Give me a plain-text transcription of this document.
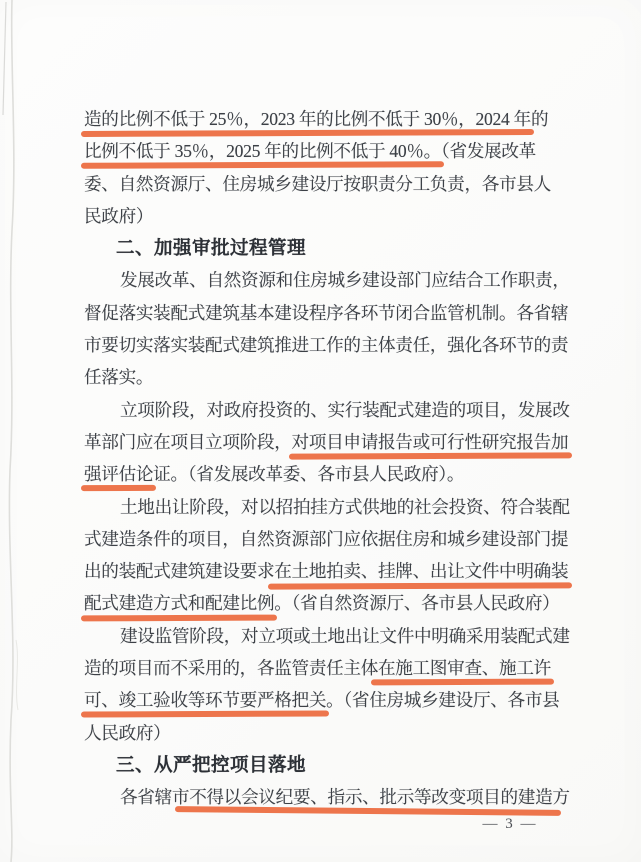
造的比例不低于 25％，2023 年的比例不低于 30％，2024 年的
比例不低于 35％，2025 年的比例不低于 40％。（省发展改革
委、自然资源厅、住房城乡建设厅按职责分工负责，各市县人
民政府）
二、加强审批过程管理
发展改革、自然资源和住房城乡建设部门应结合工作职责，
督促落实装配式建筑基本建设程序各环节闭合监管机制。各省辖
市要切实落实装配式建筑推进工作的主体责任，强化各环节的责
任落实。
立项阶段，对政府投资的、实行装配式建造的项目，发展改
革部门应在项目立项阶段，对项目申请报告或可行性研究报告加
强评估论证。（省发展改革委、各市县人民政府）。
土地出让阶段，对以招拍挂方式供地的社会投资、符合装配
式建造条件的项目，自然资源部门应依据住房和城乡建设部门提
出的装配式建筑建设要求在土地拍卖、挂牌、出让文件中明确装
配式建造方式和配建比例。（省自然资源厅、各市县人民政府）
建设监管阶段，对立项或土地出让文件中明确采用装配式建
造的项目而不采用的，各监管责任主体在施工图审查、施工许
可、竣工验收等环节要严格把关。（省住房城乡建设厅、各市县
人民政府）
三、从严把控项目落地
各省辖市不得以会议纪要、指示、批示等改变项目的建造方
— 3 —
